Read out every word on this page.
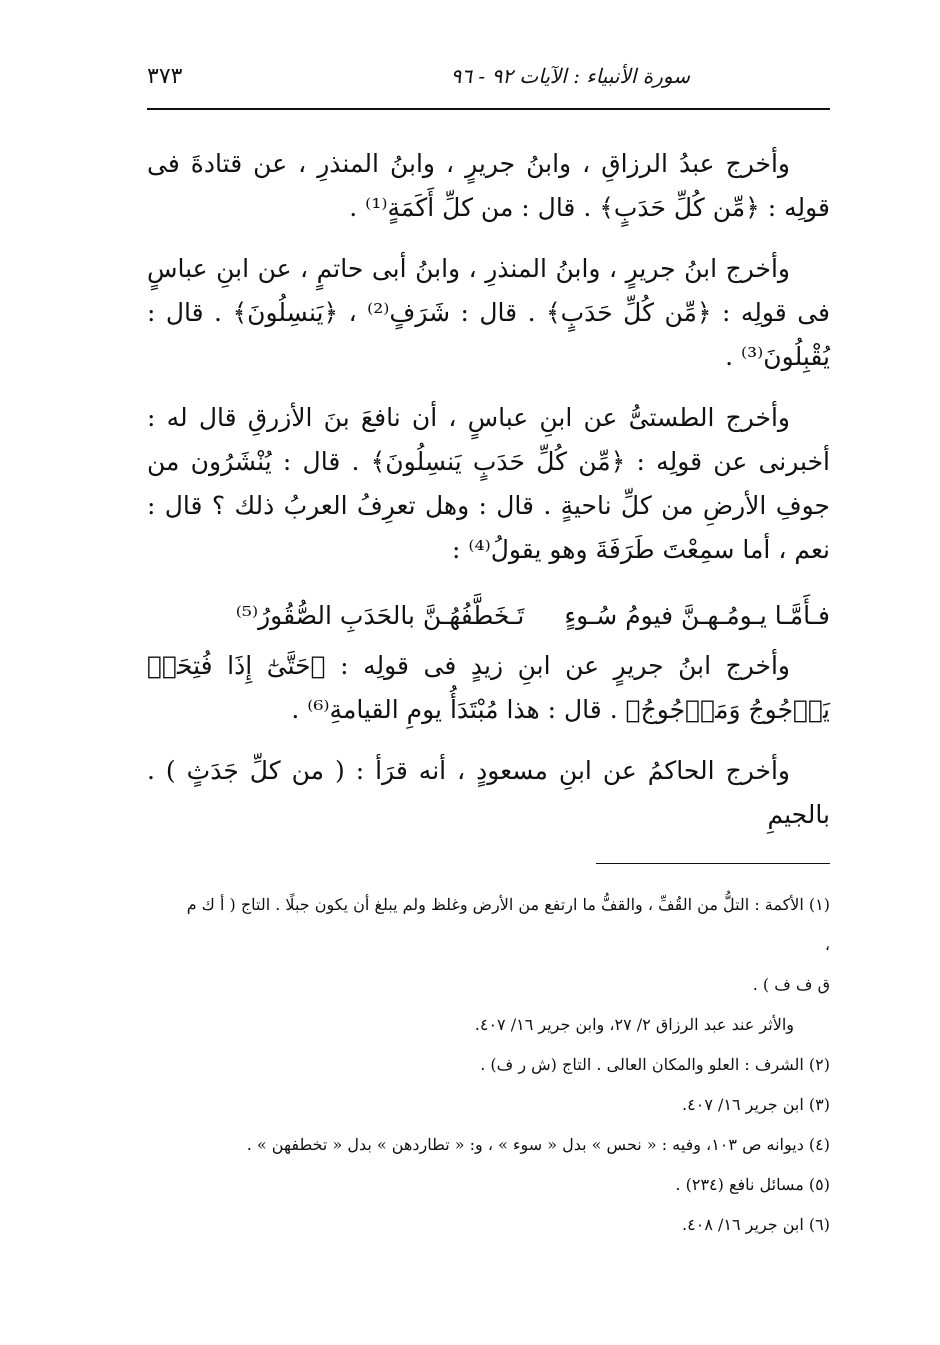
سورة الأنبياء : الآيات ٩٢ - ٩٦
٣٧٣

وأخرج عبدُ الرزاقِ ، وابنُ جريرٍ ، وابنُ المنذرِ ، عن قتادةَ فى قولِه : ﴿مِّن كُلِّ حَدَبٍ﴾ . قال : من كلِّ أَكَمَةٍ⁽¹⁾ .

وأخرج ابنُ جريرٍ ، وابنُ المنذرِ ، وابنُ أبى حاتمٍ ، عن ابنِ عباسٍ فى قولِه : ﴿مِّن كُلِّ حَدَبٍ﴾ . قال : شَرَفٍ⁽²⁾ ، ﴿يَنسِلُونَ﴾ . قال : يُقْبِلُونَ⁽³⁾ .

وأخرج الطستىُّ عن ابنِ عباسٍ ، أن نافعَ بنَ الأزرقِ قال له : أخبرنى عن قولِه : ﴿مِّن كُلِّ حَدَبٍ يَنسِلُونَ﴾ . قال : يُنْشَرُون من جوفِ الأرضِ من كلِّ ناحيةٍ . قال : وهل تعرِفُ العربُ ذلك ؟ قال : نعم ، أما سمِعْتَ طَرَفَةَ وهو يقولُ⁽⁴⁾ :

فـأَمَّـا يـومُـهـنَّ فيومُ سُـوءٍتَـخَطَّفُهُـنَّ بالحَدَبِ الصُّقُورُ⁽⁵⁾

وأخرج ابنُ جريرٍ عن ابنِ زيدٍ فى قولِه : ﴿حَتَّىٰٓ إِذَا فُتِحَتۡ يَأۡجُوجُ وَمَأۡجُوجُ﴾ . قال : هذا مُبْتَدَأُ يومِ القيامةِ⁽⁶⁾ .

وأخرج الحاكمُ عن ابنِ مسعودٍ ، أنه قرَأ : ( من كلِّ جَدَثٍ ) . بالجيمِ

(١) الأكمة : التلُّ من القُفِّ ، والقفُّ ما ارتفع من الأرض وغلظ ولم يبلغ أن يكون جبلًا . التاج ( أ ك م ،

ق ف ف ) .

والأثر عند عبد الرزاق ٢/ ٢٧، وابن جرير ١٦/ ٤٠٧.

(٢) الشرف : العلو والمكان العالى . التاج (ش ر ف) .

(٣) ابن جرير ١٦/ ٤٠٧.

(٤) ديوانه ص ١٠٣، وفيه : « نحس » بدل « سوء » ، و: « تطاردهن » بدل « تخطفهن » .

(٥) مسائل نافع (٢٣٤) .

(٦) ابن جرير ١٦/ ٤٠٨.
